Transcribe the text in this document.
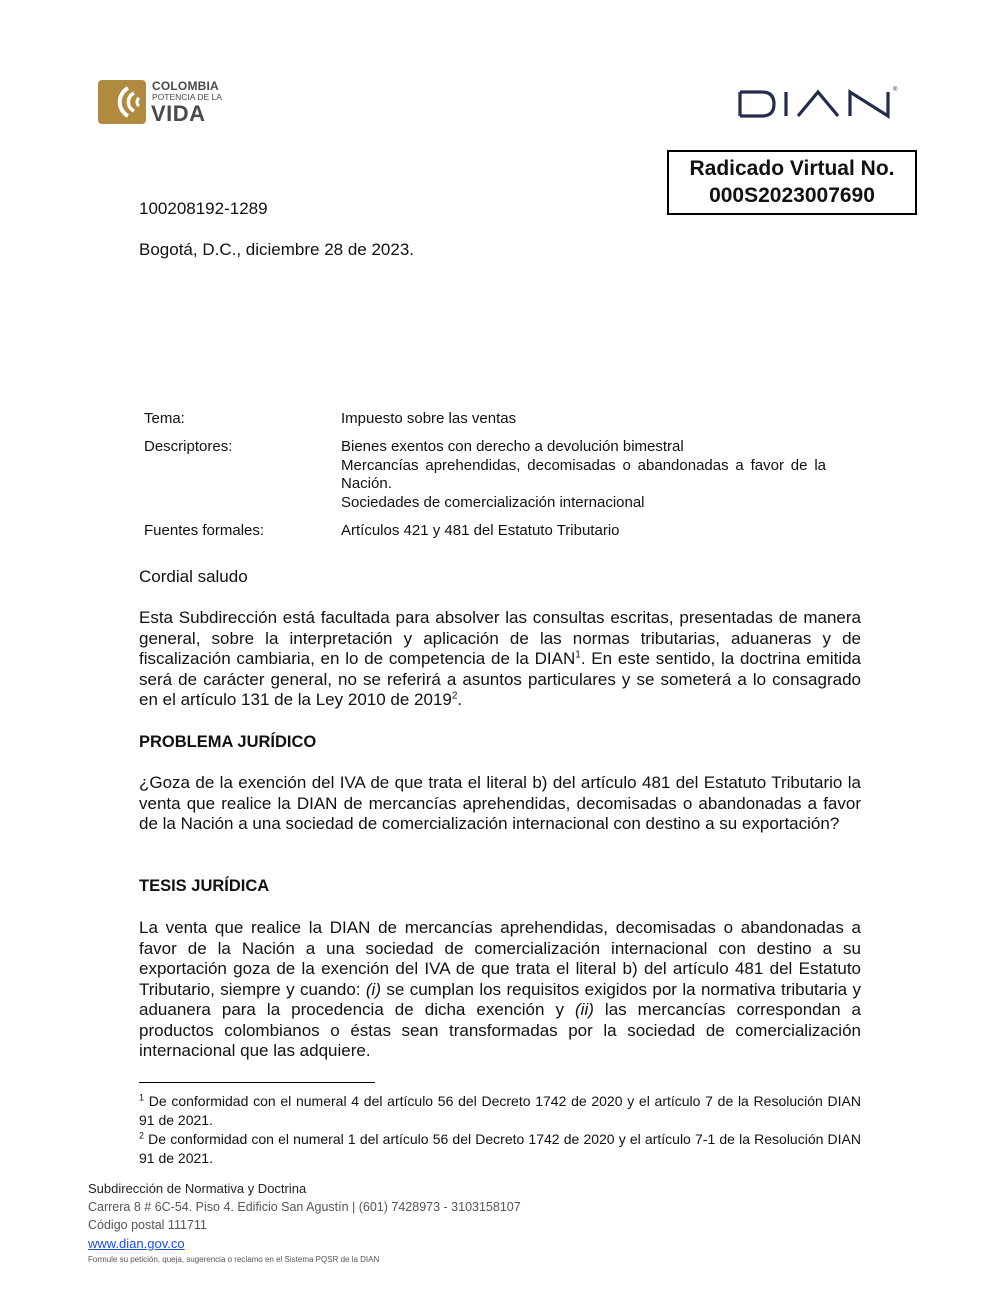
COLOMBIA
POTENCIA DE LA
VIDA
®
Radicado Virtual No.
000S2023007690
100208192-1289
Bogotá, D.C., diciembre 28 de 2023.
Tema:	Impuesto sobre las ventas
Descriptores:	Bienes exentos con derecho a devolución bimestral
Mercancías aprehendidas, decomisadas o abandonadas a favor de la Nación.
Sociedades de comercialización internacional
Fuentes formales:	Artículos 421 y 481 del Estatuto Tributario
Cordial saludo
Esta Subdirección está facultada para absolver las consultas escritas, presentadas de manera general, sobre la interpretación y aplicación de las normas tributarias, aduaneras y de fiscalización cambiaria, en lo de competencia de la DIAN$^1$. En este sentido, la doctrina emitida será de carácter general, no se referirá a asuntos particulares y se someterá a lo consagrado en el artículo 131 de la Ley 2010 de 2019$^2$.
PROBLEMA JURÍDICO
¿Goza de la exención del IVA de que trata el literal b) del artículo 481 del Estatuto Tributario la venta que realice la DIAN de mercancías aprehendidas, decomisadas o abandonadas a favor de la Nación a una sociedad de comercialización internacional con destino a su exportación?
TESIS JURÍDICA
La venta que realice la DIAN de mercancías aprehendidas, decomisadas o abandonadas a favor de la Nación a una sociedad de comercialización internacional con destino a su exportación goza de la exención del IVA de que trata el literal b) del artículo 481 del Estatuto Tributario, siempre y cuando: (i) se cumplan los requisitos exigidos por la normativa tributaria y aduanera para la procedencia de dicha exención y (ii) las mercancías correspondan a productos colombianos o éstas sean transformadas por la sociedad de comercialización internacional que las adquiere.
$^1$ De conformidad con el numeral 4 del artículo 56 del Decreto 1742 de 2020 y el artículo 7 de la Resolución DIAN 91 de 2021.
$^2$ De conformidad con el numeral 1 del artículo 56 del Decreto 1742 de 2020 y el artículo 7-1 de la Resolución DIAN 91 de 2021.
Subdirección de Normativa y Doctrina
Carrera 8 # 6C-54. Piso 4. Edificio San Agustín | (601) 7428973 - 3103158107
Código postal 111711
www.dian.gov.co
Formule su petición, queja, sugerencia o reclamo en el Sistema PQSR de la DIAN
